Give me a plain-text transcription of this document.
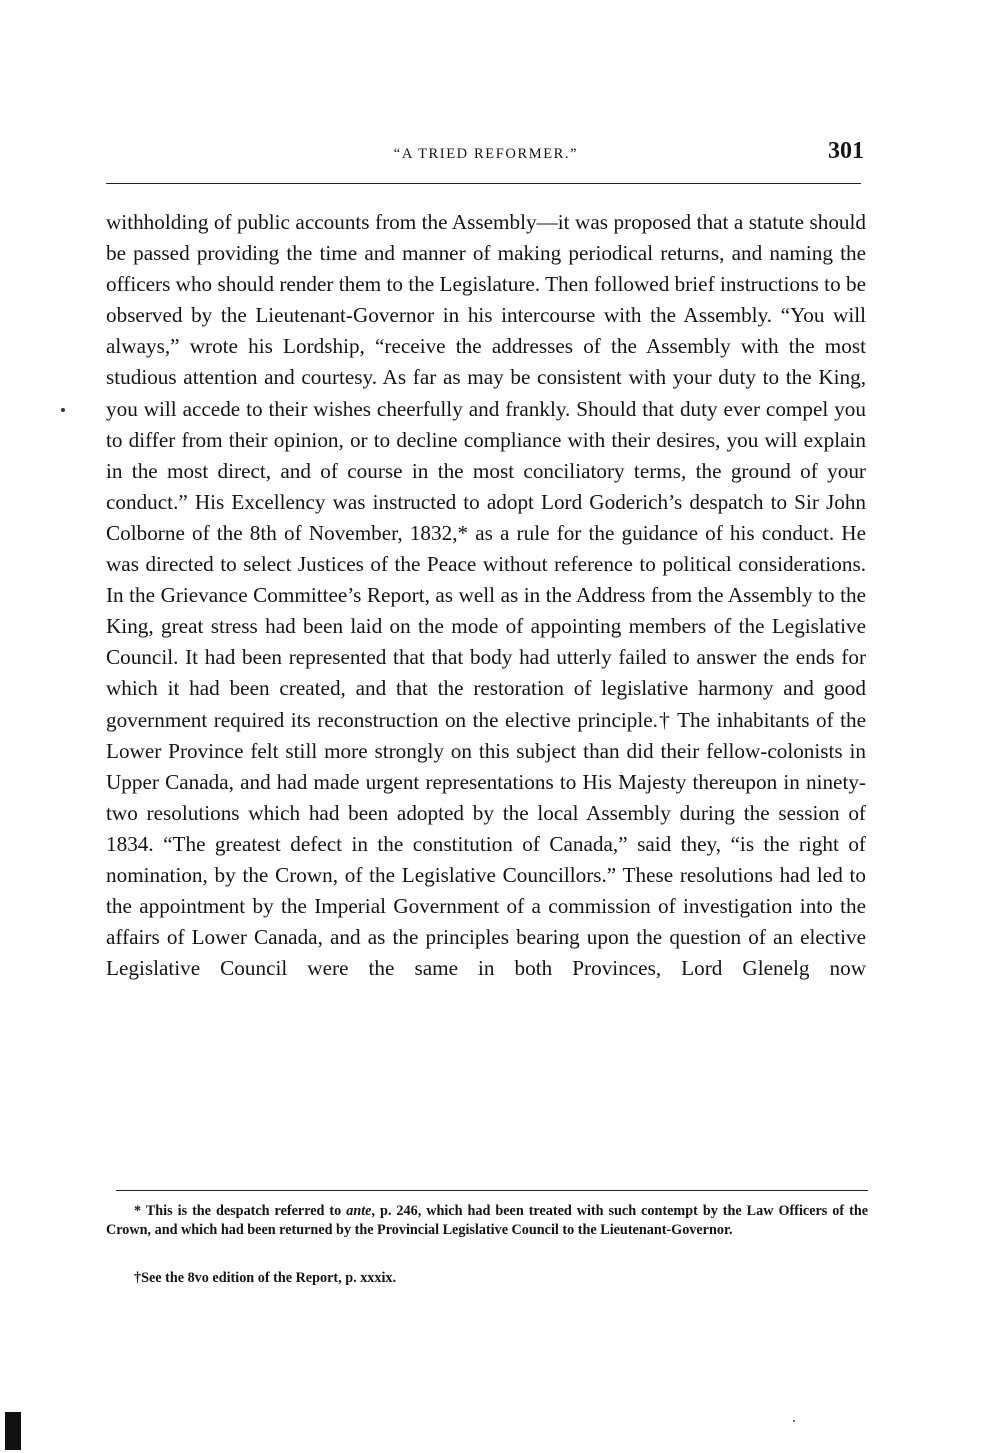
“A TRIED REFORMER.”	301

withholding of public accounts from the Assembly—it was proposed that a statute should be passed providing the time and manner of making periodical returns, and naming the officers who should render them to the Legislature. Then followed brief instructions to be observed by the Lieutenant-Governor in his intercourse with the Assembly. “You will always,” wrote his Lordship, “receive the addresses of the Assembly with the most studious attention and courtesy. As far as may be consistent with your duty to the King, you will accede to their wishes cheerfully and frankly. Should that duty ever compel you to differ from their opinion, or to decline compliance with their desires, you will explain in the most direct, and of course in the most conciliatory terms, the ground of your conduct.” His Excellency was instructed to adopt Lord Goderich’s despatch to Sir John Colborne of the 8th of November, 1832,* as a rule for the guidance of his conduct. He was directed to select Justices of the Peace without reference to political considerations. In the Grievance Committee’s Report, as well as in the Address from the Assembly to the King, great stress had been laid on the mode of appointing members of the Legislative Council. It had been represented that that body had utterly failed to answer the ends for which it had been created, and that the restoration of legislative harmony and good government required its reconstruction on the elective principle.† The inhabitants of the Lower Province felt still more strongly on this subject than did their fellow-colonists in Upper Canada, and had made urgent representations to His Majesty thereupon in ninety-two resolutions which had been adopted by the local Assembly during the session of 1834. “The greatest defect in the constitution of Canada,” said they, “is the right of nomination, by the Crown, of the Legislative Councillors.” These resolutions had led to the appointment by the Imperial Government of a commission of investigation into the affairs of Lower Canada, and as the principles bearing upon the question of an elective Legislative Council were the same in both Provinces, Lord Glenelg now

* This is the despatch referred to ante, p. 246, which had been treated with such contempt by the Law Officers of the Crown, and which had been returned by the Provincial Legislative Council to the Lieutenant-Governor.

†See the 8vo edition of the Report, p. xxxix.
